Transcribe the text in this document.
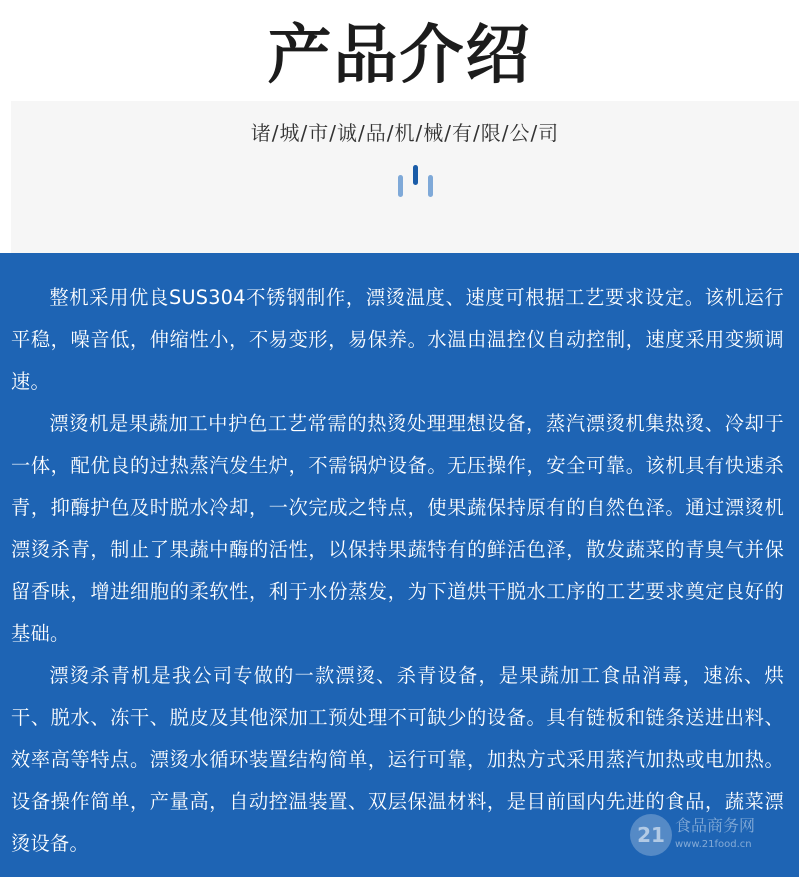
产品介绍
诸/城/市/诚/品/机/械/有/限/公/司

整机采用优良SUS304不锈钢制作，漂烫温度、速度可根据工艺要求设定。该机运行平稳，噪音低，伸缩性小，不易变形，易保养。水温由温控仪自动控制，速度采用变频调速。

漂烫机是果蔬加工中护色工艺常需的热烫处理理想设备，蒸汽漂烫机集热烫、冷却于一体，配优良的过热蒸汽发生炉，不需锅炉设备。无压操作，安全可靠。该机具有快速杀青，抑酶护色及时脱水冷却，一次完成之特点，使果蔬保持原有的自然色泽。通过漂烫机漂烫杀青，制止了果蔬中酶的活性，以保持果蔬特有的鲜活色泽，散发蔬菜的青臭气并保留香味，增进细胞的柔软性，利于水份蒸发，为下道烘干脱水工序的工艺要求奠定良好的基础。

漂烫杀青机是我公司专做的一款漂烫、杀青设备，是果蔬加工食品消毒，速冻、烘干、脱水、冻干、脱皮及其他深加工预处理不可缺少的设备。具有链板和链条送进出料、效率高等特点。漂烫水循环装置结构简单，运行可靠，加热方式采用蒸汽加热或电加热。设备操作简单，产量高，自动控温装置、双层保温材料，是目前国内先进的食品，蔬菜漂烫设备。	21 食品商务网
www.21food.cn
